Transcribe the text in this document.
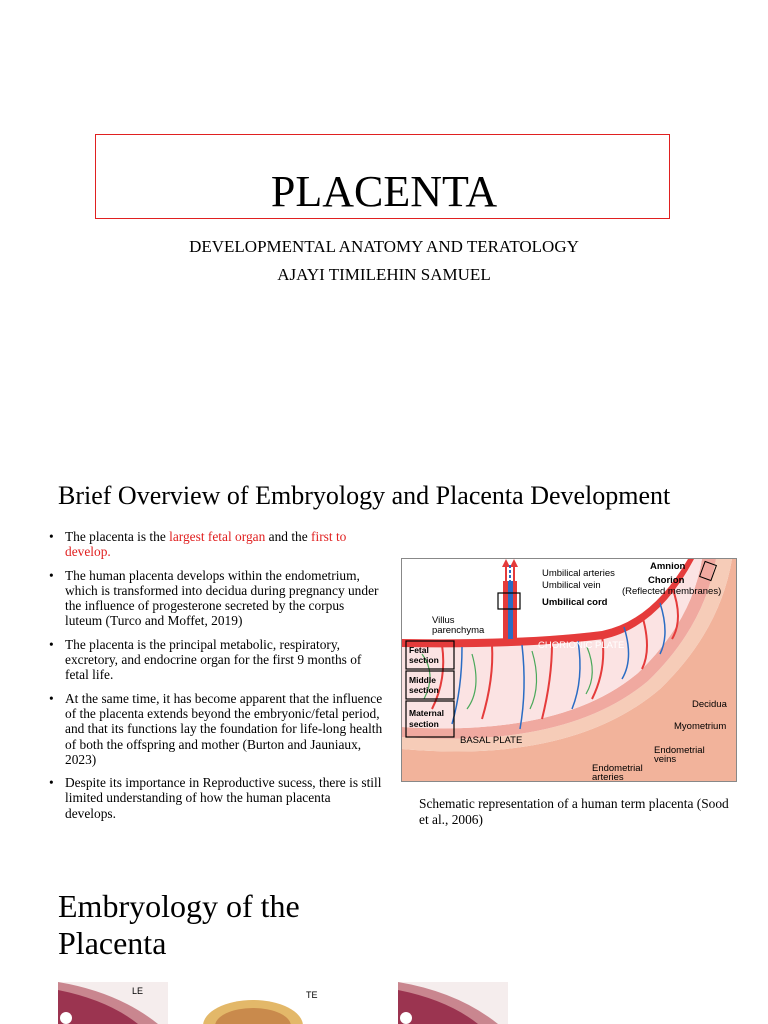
PLACENTA
DEVELOPMENTAL ANATOMY AND TERATOLOGY
AJAYI TIMILEHIN SAMUEL
Brief Overview of Embryology and Placenta Development
• The placenta is the largest fetal organ and the first to develop.
• The human placenta develops within the endometrium, which is transformed into decidua during pregnancy under the influence of progesterone secreted by the corpus luteum (Turco and Moffet, 2019)
• The placenta is the principal metabolic, respiratory, excretory, and endocrine organ for the first 9 months of fetal life.
• At the same time, it has become apparent that the influence of the placenta extends beyond the embryonic/fetal period, and that its functions lay the foundation for life-long health of both the offspring and mother (Burton and Jauniaux, 2023)
• Despite its importance in Reproductive sucess, there is still limited understanding of how the human placenta develops.
Umbilical arteries
Umbilical vein
Umbilical cord
Amnion
Chorion
(Reflected membranes)
Villus
parenchyma
CHORIONIC PLATE
Fetal
section
Middle
section
Maternal
section
BASAL PLATE
Decidua
Myometrium
Endometrial
veins
Endometrial
arteries
Schematic representation of a human term placenta (Sood et al., 2006)
Embryology of the Placenta
LE	TE
